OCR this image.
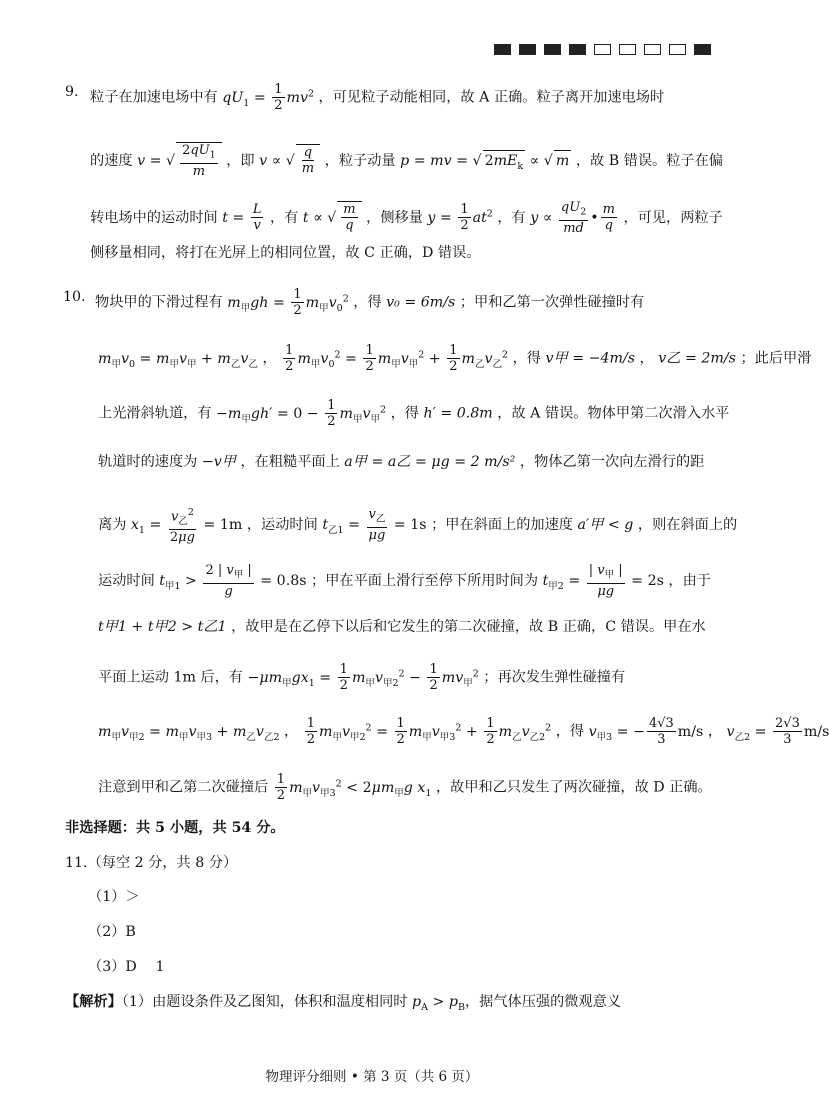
9. 粒子在加速电场中有 $qU_1 = \frac{1}{2} mv^2$ ，可见粒子动能相同，故 A 正确。粒子离开加速电场时
的速度 v = √ $\frac{2qU_1}{m}$ ，即 v ∝ √ $\frac{q}{m}$ ，粒子动量 p = mv = √ $2mE_k$ ∝ √ m ，故 B 错误。粒子在偏
转电场中的运动时间 $t = \frac{L}{v}$ ，有 t ∝ √ $\frac{m}{q}$ ，侧移量 $y = \frac{1}{2} at^2$ ，有 $y \propto \frac{qU_2}{md}$ • $\frac{m}{q}$ ，可见，两粒子
侧移量相同，将打在光屏上的相同位置，故 C 正确，D 错误。
10. 物块甲的下滑过程有 $m_甲gh = \frac{1}{2} m_甲v_0^2$ ，得 v₀ = 6m/s ；甲和乙第一次弹性碰撞时有
$m_甲v_0 = m_甲v_甲 + m_乙v_乙$ ， $\frac{1}{2} m_甲v_0^2 = \frac{1}{2} m_甲v_甲^2 + \frac{1}{2} m_乙v_乙^2$ ，得 v甲 = −4m/s ， v乙 = 2m/s ；此后甲滑
上光滑斜轨道，有 $-m_甲gh' = 0 - \frac{1}{2} m_甲v_甲^2$ ，得 h′ = 0.8m ，故 A 错误。物体甲第二次滑入水平
轨道时的速度为 −v甲 ，在粗糙平面上 a甲 = a乙 = μg = 2 m/s² ，物体乙第一次向左滑行的距
离为 $x_1 = \frac{v_乙^2}{2\mu g} = 1m$ ，运动时间 $t_{乙1} = \frac{v_乙}{\mu g} = 1s$ ；甲在斜面上的加速度 a′甲 < g ，则在斜面上的
运动时间 $t_{甲1} > \frac{2 | v_甲 |}{g} = 0.8s$ ；甲在平面上滑行至停下所用时间为 $t_{甲2} = \frac{| v_甲 |}{\mu g} = 2s$ ，由于
t甲1 + t甲2 > t乙1 ，故甲是在乙停下以后和它发生的第二次碰撞，故 B 正确，C 错误。甲在水
平面上运动 1m 后，有 $-\mu m_甲gx_1 = \frac{1}{2} m_甲v_{甲2}^2 - \frac{1}{2} mv_甲^2$ ；再次发生弹性碰撞有
$m_甲v_{甲2} = m_甲v_{甲3} + m_乙v_{乙2}$ ， $\frac{1}{2} m_甲v_{甲2}^2 = \frac{1}{2} m_甲v_{甲3}^2 + \frac{1}{2} m_乙v_{乙2}^2$ ，得 $v_{甲3}$ = − $\frac{4√3}{3} m/s$ ， $v_{乙2} = \frac{2√3}{3} m/s$
注意到甲和乙第二次碰撞后 $\frac{1}{2} m_甲v_{甲3}^2 < 2\mu m_甲g$ $x_1$ ，故甲和乙只发生了两次碰撞，故 D 正确。
非选择题：共 5 小题，共 54 分。
11.（每空 2 分，共 8 分）
（1）＞
（2）B
（3）D　 1
【解析】（1）由题设条件及乙图知，体积和温度相同时 $p_A > p_B$，据气体压强的微观意义
物理评分细则 • 第 3 页（共 6 页）
